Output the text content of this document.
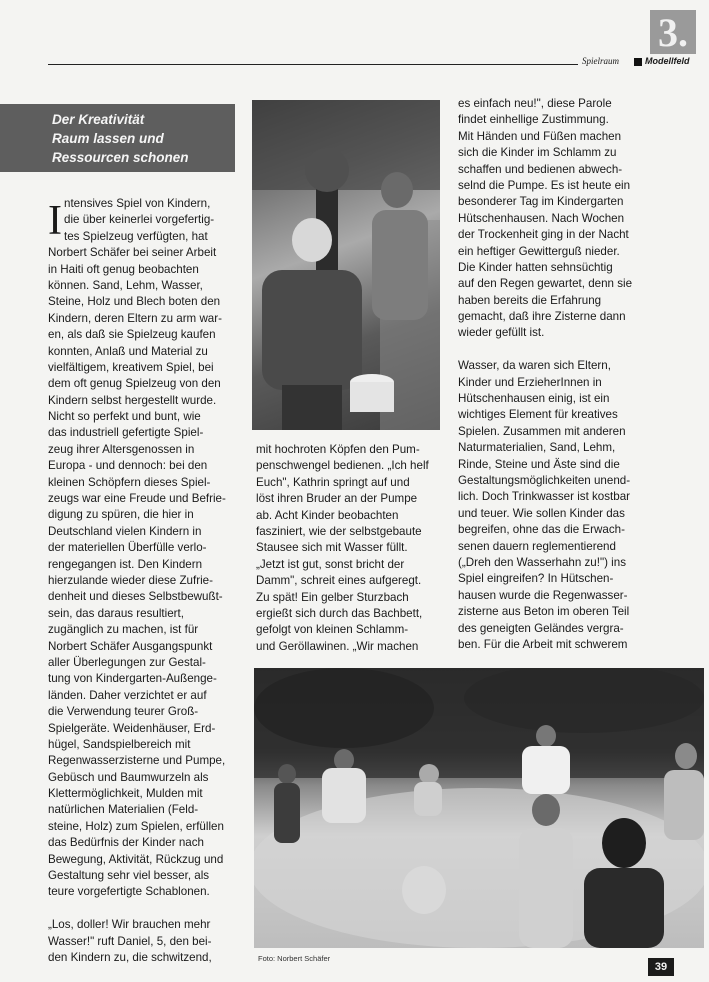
Spielraum	Modellfeld
3.
Der Kreativität
Raum lassen und
Ressourcen schonen
I ntensives Spiel von Kindern,
die über keinerlei vorgefertig-
tes Spielzeug verfügten, hat
Norbert Schäfer bei seiner Arbeit
in Haiti oft genug beobachten
können. Sand, Lehm, Wasser,
Steine, Holz und Blech boten den
Kindern, deren Eltern zu arm war-
en, als daß sie Spielzeug kaufen
konnten, Anlaß und Material zu
vielfältigem, kreativem Spiel, bei
dem oft genug Spielzeug von den
Kindern selbst hergestellt wurde.
Nicht so perfekt und bunt, wie
das industriell gefertigte Spiel-
zeug ihrer Altersgenossen in
Europa - und dennoch: bei den
kleinen Schöpfern dieses Spiel-
zeugs war eine Freude und Befrie-
digung zu spüren, die hier in
Deutschland vielen Kindern in
der materiellen Überfülle verlo-
rengegangen ist. Den Kindern
hierzulande wieder diese Zufrie-
denheit und dieses Selbstbewußt-
sein, das daraus resultiert,
zugänglich zu machen, ist für
Norbert Schäfer Ausgangspunkt
aller Überlegungen zur Gestal-
tung von Kindergarten-Außenge-
länden. Daher verzichtet er auf
die Verwendung teurer Groß-
Spielgeräte. Weidenhäuser, Erd-
hügel, Sandspielbereich mit
Regenwasserzisterne und Pumpe,
Gebüsch und Baumwurzeln als
Klettermöglichkeit, Mulden mit
natürlichen Materialien (Feld-
steine, Holz) zum Spielen, erfüllen
das Bedürfnis der Kinder nach
Bewegung, Aktivität, Rückzug und
Gestaltung sehr viel besser, als
teure vorgefertigte Schablonen.
„Los, doller! Wir brauchen mehr
Wasser!" ruft Daniel, 5, den bei-
den Kindern zu, die schwitzend,
mit hochroten Köpfen den Pum-
penschwengel bedienen. „Ich helf
Euch", Kathrin springt auf und
löst ihren Bruder an der Pumpe
ab. Acht Kinder beobachten
fasziniert, wie der selbstgebaute
Stausee sich mit Wasser füllt.
„Jetzt ist gut, sonst bricht der
Damm", schreit eines aufgeregt.
Zu spät! Ein gelber Sturzbach
ergießt sich durch das Bachbett,
gefolgt von kleinen Schlamm-
und Geröllawinen. „Wir machen
es einfach neu!", diese Parole
findet einhellige Zustimmung.
Mit Händen und Füßen machen
sich die Kinder im Schlamm zu
schaffen und bedienen abwech-
selnd die Pumpe. Es ist heute ein
besonderer Tag im Kindergarten
Hütschenhausen. Nach Wochen
der Trockenheit ging in der Nacht
ein heftiger Gewitterguß nieder.
Die Kinder hatten sehnsüchtig
auf den Regen gewartet, denn sie
haben bereits die Erfahrung
gemacht, daß ihre Zisterne dann
wieder gefüllt ist.
Wasser, da waren sich Eltern,
Kinder und ErzieherInnen in
Hütschenhausen einig, ist ein
wichtiges Element für kreatives
Spielen. Zusammen mit anderen
Naturmaterialien, Sand, Lehm,
Rinde, Steine und Äste sind die
Gestaltungsmöglichkeiten unend-
lich. Doch Trinkwasser ist kostbar
und teuer. Wie sollen Kinder das
begreifen, ohne das die Erwach-
senen dauern reglementierend
(„Dreh den Wasserhahn zu!") ins
Spiel eingreifen? In Hütschen-
hausen wurde die Regenwasser-
zisterne aus Beton im oberen Teil
des geneigten Geländes vergra-
ben. Für die Arbeit mit schwerem
Foto: Norbert Schäfer
39
